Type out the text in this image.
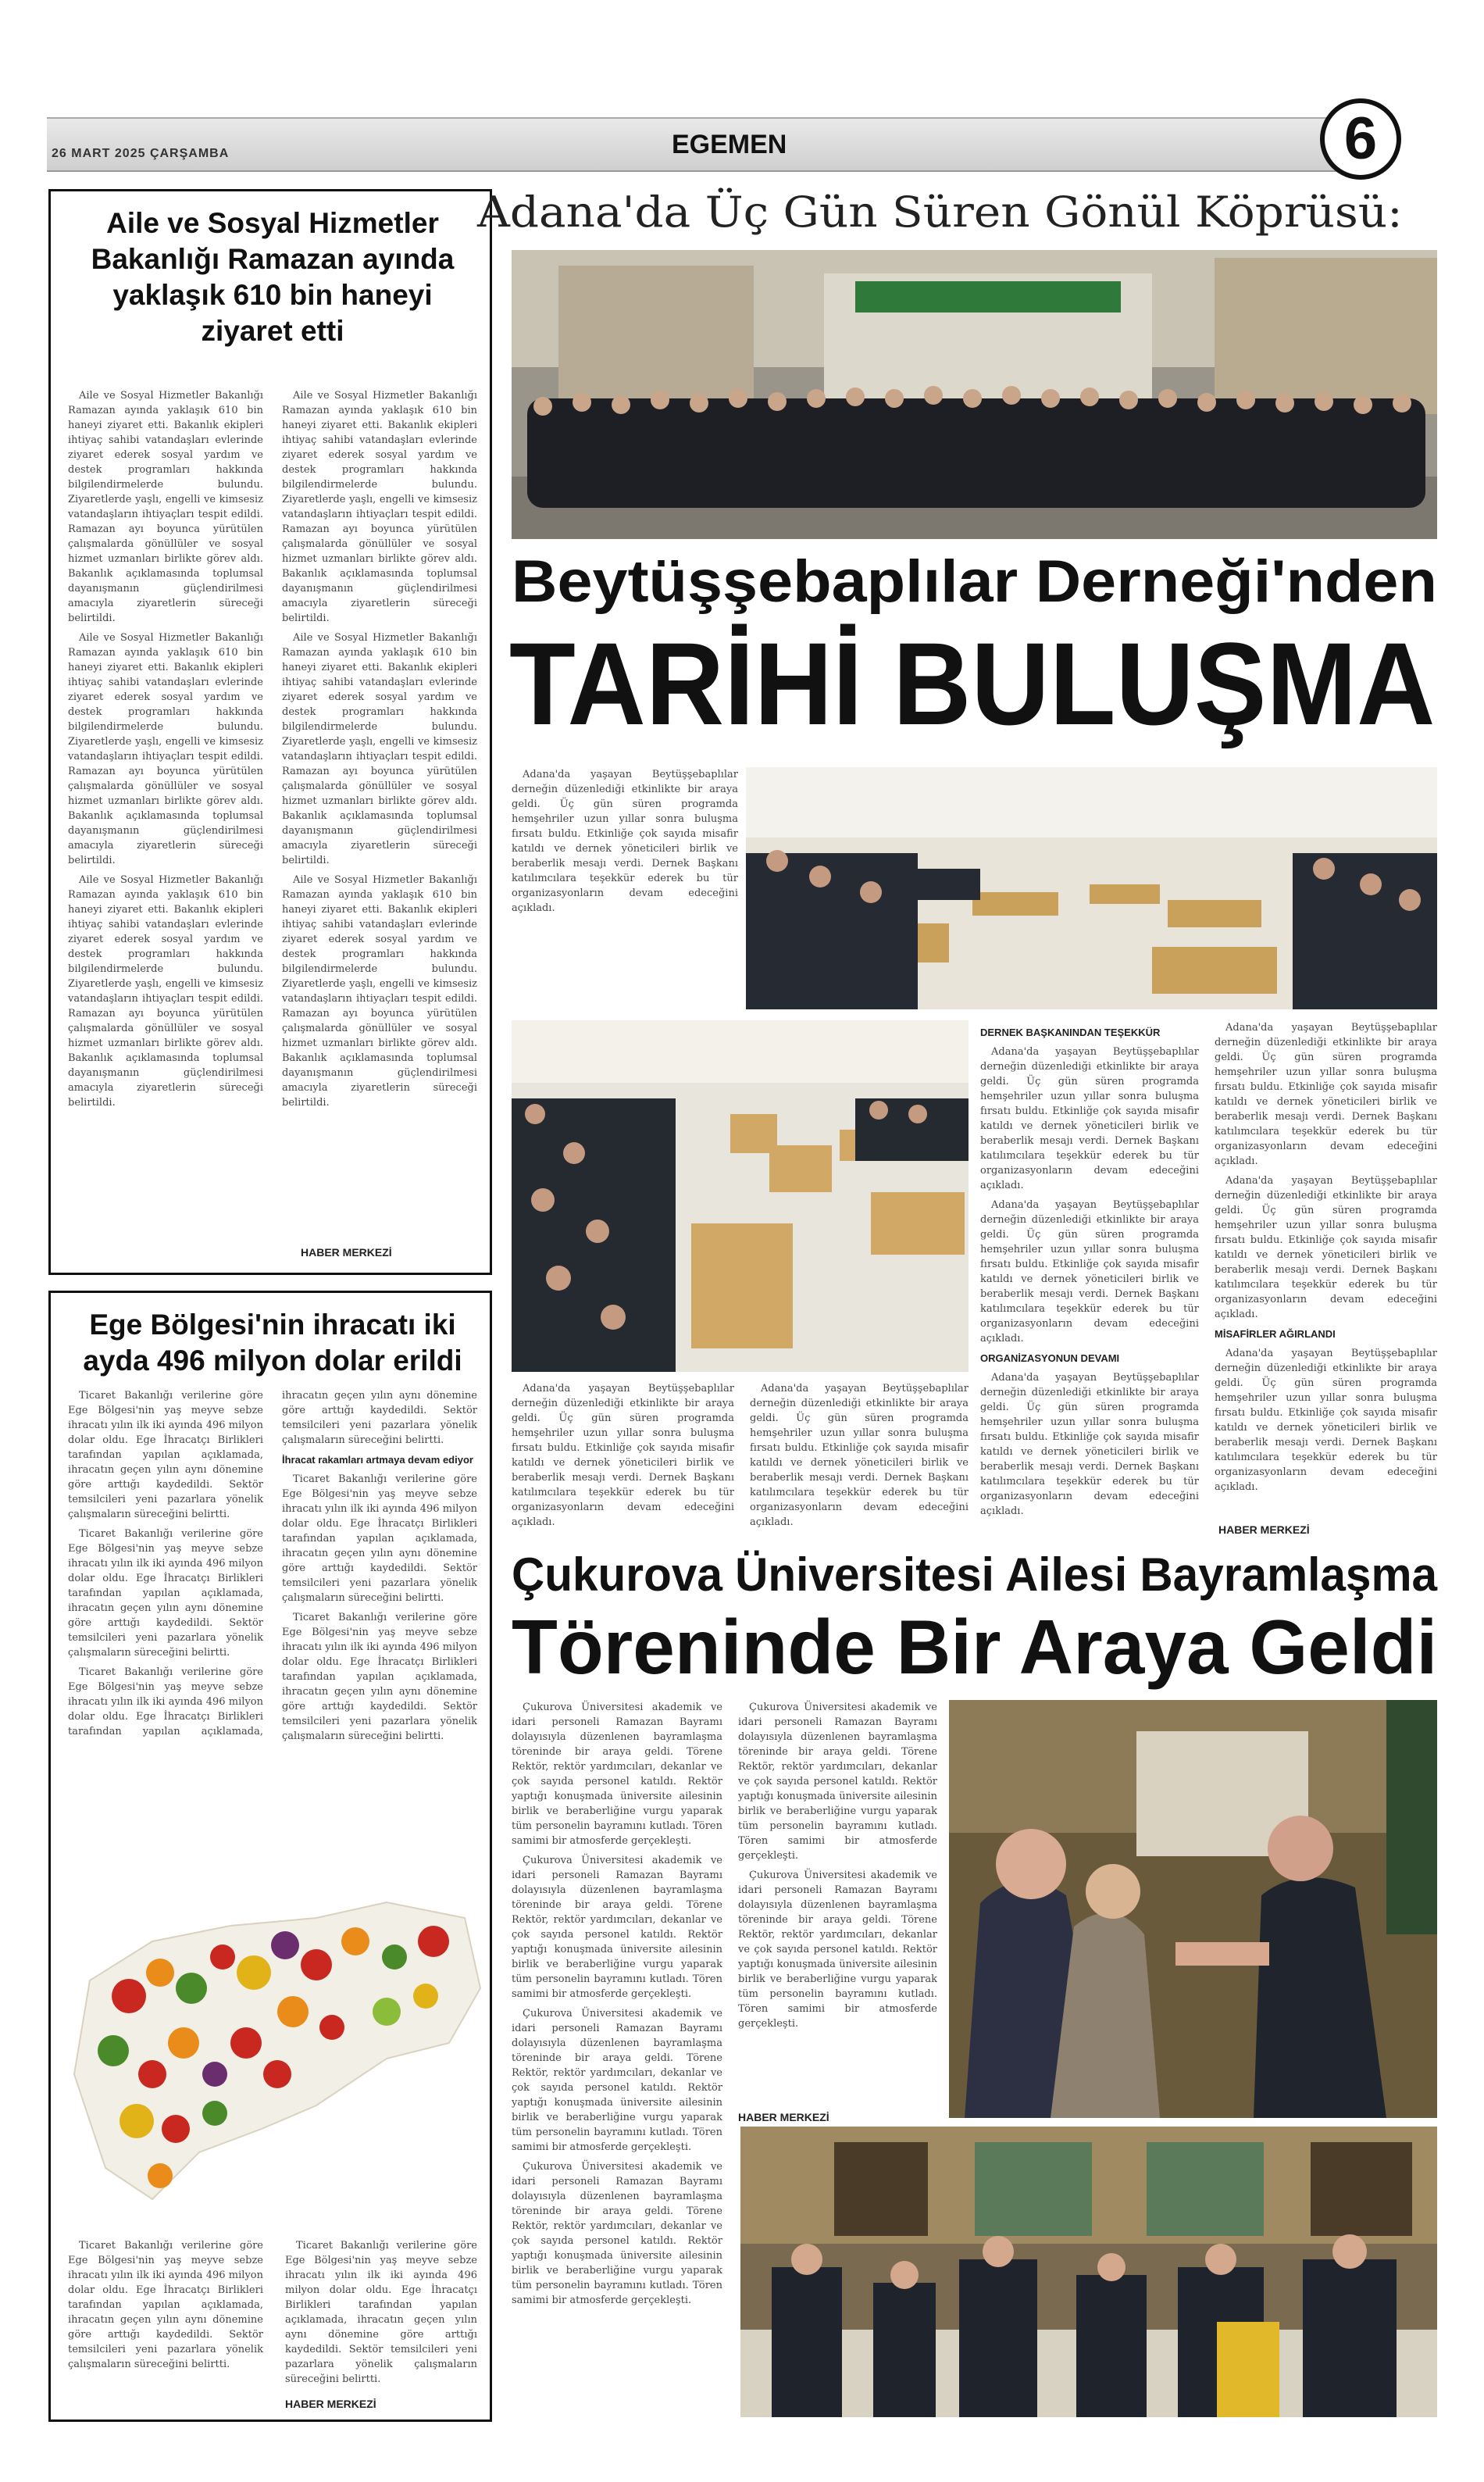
26 MART 2025 ÇARŞAMBA	EGEMEN	6
Aile ve Sosyal Hizmetler Bakanlığı Ramazan ayında yaklaşık 610 bin haneyi ziyaret etti

Aile ve Sosyal Hizmetler Bakanlığı Ramazan ayında yaklaşık 610 bin haneyi ziyaret etti. Bakanlık ekipleri ihtiyaç sahibi vatandaşları evlerinde ziyaret ederek sosyal yardım ve destek programları hakkında bilgilendirmelerde bulundu. Ziyaretlerde yaşlı, engelli ve kimsesiz vatandaşların ihtiyaçları tespit edildi. Ramazan ayı boyunca yürütülen çalışmalarda gönüllüler ve sosyal hizmet uzmanları birlikte görev aldı. Bakanlık açıklamasında toplumsal dayanışmanın güçlendirilmesi amacıyla ziyaretlerin süreceği belirtildi.

Aile ve Sosyal Hizmetler Bakanlığı Ramazan ayında yaklaşık 610 bin haneyi ziyaret etti. Bakanlık ekipleri ihtiyaç sahibi vatandaşları evlerinde ziyaret ederek sosyal yardım ve destek programları hakkında bilgilendirmelerde bulundu. Ziyaretlerde yaşlı, engelli ve kimsesiz vatandaşların ihtiyaçları tespit edildi. Ramazan ayı boyunca yürütülen çalışmalarda gönüllüler ve sosyal hizmet uzmanları birlikte görev aldı. Bakanlık açıklamasında toplumsal dayanışmanın güçlendirilmesi amacıyla ziyaretlerin süreceği belirtildi.

Aile ve Sosyal Hizmetler Bakanlığı Ramazan ayında yaklaşık 610 bin haneyi ziyaret etti. Bakanlık ekipleri ihtiyaç sahibi vatandaşları evlerinde ziyaret ederek sosyal yardım ve destek programları hakkında bilgilendirmelerde bulundu. Ziyaretlerde yaşlı, engelli ve kimsesiz vatandaşların ihtiyaçları tespit edildi. Ramazan ayı boyunca yürütülen çalışmalarda gönüllüler ve sosyal hizmet uzmanları birlikte görev aldı. Bakanlık açıklamasında toplumsal dayanışmanın güçlendirilmesi amacıyla ziyaretlerin süreceği belirtildi.

Aile ve Sosyal Hizmetler Bakanlığı Ramazan ayında yaklaşık 610 bin haneyi ziyaret etti. Bakanlık ekipleri ihtiyaç sahibi vatandaşları evlerinde ziyaret ederek sosyal yardım ve destek programları hakkında bilgilendirmelerde bulundu. Ziyaretlerde yaşlı, engelli ve kimsesiz vatandaşların ihtiyaçları tespit edildi. Ramazan ayı boyunca yürütülen çalışmalarda gönüllüler ve sosyal hizmet uzmanları birlikte görev aldı. Bakanlık açıklamasında toplumsal dayanışmanın güçlendirilmesi amacıyla ziyaretlerin süreceği belirtildi.

Aile ve Sosyal Hizmetler Bakanlığı Ramazan ayında yaklaşık 610 bin haneyi ziyaret etti. Bakanlık ekipleri ihtiyaç sahibi vatandaşları evlerinde ziyaret ederek sosyal yardım ve destek programları hakkında bilgilendirmelerde bulundu. Ziyaretlerde yaşlı, engelli ve kimsesiz vatandaşların ihtiyaçları tespit edildi. Ramazan ayı boyunca yürütülen çalışmalarda gönüllüler ve sosyal hizmet uzmanları birlikte görev aldı. Bakanlık açıklamasında toplumsal dayanışmanın güçlendirilmesi amacıyla ziyaretlerin süreceği belirtildi.

Aile ve Sosyal Hizmetler Bakanlığı Ramazan ayında yaklaşık 610 bin haneyi ziyaret etti. Bakanlık ekipleri ihtiyaç sahibi vatandaşları evlerinde ziyaret ederek sosyal yardım ve destek programları hakkında bilgilendirmelerde bulundu. Ziyaretlerde yaşlı, engelli ve kimsesiz vatandaşların ihtiyaçları tespit edildi. Ramazan ayı boyunca yürütülen çalışmalarda gönüllüler ve sosyal hizmet uzmanları birlikte görev aldı. Bakanlık açıklamasında toplumsal dayanışmanın güçlendirilmesi amacıyla ziyaretlerin süreceği belirtildi.

HABER MERKEZİ
Ege Bölgesi'nin ihracatı iki ayda 496 milyon dolar erildi

Ticaret Bakanlığı verilerine göre Ege Bölgesi'nin yaş meyve sebze ihracatı yılın ilk iki ayında 496 milyon dolar oldu. Ege İhracatçı Birlikleri tarafından yapılan açıklamada, ihracatın geçen yılın aynı dönemine göre arttığı kaydedildi. Sektör temsilcileri yeni pazarlara yönelik çalışmaların süreceğini belirtti.

Ticaret Bakanlığı verilerine göre Ege Bölgesi'nin yaş meyve sebze ihracatı yılın ilk iki ayında 496 milyon dolar oldu. Ege İhracatçı Birlikleri tarafından yapılan açıklamada, ihracatın geçen yılın aynı dönemine göre arttığı kaydedildi. Sektör temsilcileri yeni pazarlara yönelik çalışmaların süreceğini belirtti.

Ticaret Bakanlığı verilerine göre Ege Bölgesi'nin yaş meyve sebze ihracatı yılın ilk iki ayında 496 milyon dolar oldu. Ege İhracatçı Birlikleri tarafından yapılan açıklamada, ihracatın geçen yılın aynı dönemine göre arttığı kaydedildi. Sektör temsilcileri yeni pazarlara yönelik çalışmaların süreceğini belirtti.

İhracat rakamları artmaya devam ediyor

Ticaret Bakanlığı verilerine göre Ege Bölgesi'nin yaş meyve sebze ihracatı yılın ilk iki ayında 496 milyon dolar oldu. Ege İhracatçı Birlikleri tarafından yapılan açıklamada, ihracatın geçen yılın aynı dönemine göre arttığı kaydedildi. Sektör temsilcileri yeni pazarlara yönelik çalışmaların süreceğini belirtti.

Ticaret Bakanlığı verilerine göre Ege Bölgesi'nin yaş meyve sebze ihracatı yılın ilk iki ayında 496 milyon dolar oldu. Ege İhracatçı Birlikleri tarafından yapılan açıklamada, ihracatın geçen yılın aynı dönemine göre arttığı kaydedildi. Sektör temsilcileri yeni pazarlara yönelik çalışmaların süreceğini belirtti.

Ticaret Bakanlığı verilerine göre Ege Bölgesi'nin yaş meyve sebze ihracatı yılın ilk iki ayında 496 milyon dolar oldu. Ege İhracatçı Birlikleri tarafından yapılan açıklamada, ihracatın geçen yılın aynı dönemine göre arttığı kaydedildi. Sektör temsilcileri yeni pazarlara yönelik çalışmaların süreceğini belirtti.

Ticaret Bakanlığı verilerine göre Ege Bölgesi'nin yaş meyve sebze ihracatı yılın ilk iki ayında 496 milyon dolar oldu. Ege İhracatçı Birlikleri tarafından yapılan açıklamada, ihracatın geçen yılın aynı dönemine göre arttığı kaydedildi. Sektör temsilcileri yeni pazarlara yönelik çalışmaların süreceğini belirtti.

HABER MERKEZİ
Adana'da Üç Gün Süren Gönül Köprüsü:
Beytüşşebaplılar Derneği'nden
TARİHİ BULUŞMA

Adana'da yaşayan Beytüşşebaplılar derneğin düzenlediği etkinlikte bir araya geldi. Üç gün süren programda hemşehriler uzun yıllar sonra buluşma fırsatı buldu. Etkinliğe çok sayıda misafir katıldı ve dernek yöneticileri birlik ve beraberlik mesajı verdi. Dernek Başkanı katılımcılara teşekkür ederek bu tür organizasyonların devam edeceğini açıkladı.

DERNEK BAŞKANINDAN TEŞEKKÜR

Adana'da yaşayan Beytüşşebaplılar derneğin düzenlediği etkinlikte bir araya geldi. Üç gün süren programda hemşehriler uzun yıllar sonra buluşma fırsatı buldu. Etkinliğe çok sayıda misafir katıldı ve dernek yöneticileri birlik ve beraberlik mesajı verdi. Dernek Başkanı katılımcılara teşekkür ederek bu tür organizasyonların devam edeceğini açıkladı.

Adana'da yaşayan Beytüşşebaplılar derneğin düzenlediği etkinlikte bir araya geldi. Üç gün süren programda hemşehriler uzun yıllar sonra buluşma fırsatı buldu. Etkinliğe çok sayıda misafir katıldı ve dernek yöneticileri birlik ve beraberlik mesajı verdi. Dernek Başkanı katılımcılara teşekkür ederek bu tür organizasyonların devam edeceğini açıkladı.

ORGANİZASYONUN DEVAMI

Adana'da yaşayan Beytüşşebaplılar derneğin düzenlediği etkinlikte bir araya geldi. Üç gün süren programda hemşehriler uzun yıllar sonra buluşma fırsatı buldu. Etkinliğe çok sayıda misafir katıldı ve dernek yöneticileri birlik ve beraberlik mesajı verdi. Dernek Başkanı katılımcılara teşekkür ederek bu tür organizasyonların devam edeceğini açıkladı.

Adana'da yaşayan Beytüşşebaplılar derneğin düzenlediği etkinlikte bir araya geldi. Üç gün süren programda hemşehriler uzun yıllar sonra buluşma fırsatı buldu. Etkinliğe çok sayıda misafir katıldı ve dernek yöneticileri birlik ve beraberlik mesajı verdi. Dernek Başkanı katılımcılara teşekkür ederek bu tür organizasyonların devam edeceğini açıkladı.

Adana'da yaşayan Beytüşşebaplılar derneğin düzenlediği etkinlikte bir araya geldi. Üç gün süren programda hemşehriler uzun yıllar sonra buluşma fırsatı buldu. Etkinliğe çok sayıda misafir katıldı ve dernek yöneticileri birlik ve beraberlik mesajı verdi. Dernek Başkanı katılımcılara teşekkür ederek bu tür organizasyonların devam edeceğini açıkladı.

MİSAFİRLER AĞIRLANDI

Adana'da yaşayan Beytüşşebaplılar derneğin düzenlediği etkinlikte bir araya geldi. Üç gün süren programda hemşehriler uzun yıllar sonra buluşma fırsatı buldu. Etkinliğe çok sayıda misafir katıldı ve dernek yöneticileri birlik ve beraberlik mesajı verdi. Dernek Başkanı katılımcılara teşekkür ederek bu tür organizasyonların devam edeceğini açıkladı.

HABER MERKEZİ

Adana'da yaşayan Beytüşşebaplılar derneğin düzenlediği etkinlikte bir araya geldi. Üç gün süren programda hemşehriler uzun yıllar sonra buluşma fırsatı buldu. Etkinliğe çok sayıda misafir katıldı ve dernek yöneticileri birlik ve beraberlik mesajı verdi. Dernek Başkanı katılımcılara teşekkür ederek bu tür organizasyonların devam edeceğini açıkladı.

Adana'da yaşayan Beytüşşebaplılar derneğin düzenlediği etkinlikte bir araya geldi. Üç gün süren programda hemşehriler uzun yıllar sonra buluşma fırsatı buldu. Etkinliğe çok sayıda misafir katıldı ve dernek yöneticileri birlik ve beraberlik mesajı verdi. Dernek Başkanı katılımcılara teşekkür ederek bu tür organizasyonların devam edeceğini açıkladı.

Çukurova Üniversitesi Ailesi Bayramlaşma
Töreninde Bir Araya Geldi

Çukurova Üniversitesi akademik ve idari personeli Ramazan Bayramı dolayısıyla düzenlenen bayramlaşma töreninde bir araya geldi. Törene Rektör, rektör yardımcıları, dekanlar ve çok sayıda personel katıldı. Rektör yaptığı konuşmada üniversite ailesinin birlik ve beraberliğine vurgu yaparak tüm personelin bayramını kutladı. Tören samimi bir atmosferde gerçekleşti.

Çukurova Üniversitesi akademik ve idari personeli Ramazan Bayramı dolayısıyla düzenlenen bayramlaşma töreninde bir araya geldi. Törene Rektör, rektör yardımcıları, dekanlar ve çok sayıda personel katıldı. Rektör yaptığı konuşmada üniversite ailesinin birlik ve beraberliğine vurgu yaparak tüm personelin bayramını kutladı. Tören samimi bir atmosferde gerçekleşti.

Çukurova Üniversitesi akademik ve idari personeli Ramazan Bayramı dolayısıyla düzenlenen bayramlaşma töreninde bir araya geldi. Törene Rektör, rektör yardımcıları, dekanlar ve çok sayıda personel katıldı. Rektör yaptığı konuşmada üniversite ailesinin birlik ve beraberliğine vurgu yaparak tüm personelin bayramını kutladı. Tören samimi bir atmosferde gerçekleşti.

Çukurova Üniversitesi akademik ve idari personeli Ramazan Bayramı dolayısıyla düzenlenen bayramlaşma töreninde bir araya geldi. Törene Rektör, rektör yardımcıları, dekanlar ve çok sayıda personel katıldı. Rektör yaptığı konuşmada üniversite ailesinin birlik ve beraberliğine vurgu yaparak tüm personelin bayramını kutladı. Tören samimi bir atmosferde gerçekleşti.

Çukurova Üniversitesi akademik ve idari personeli Ramazan Bayramı dolayısıyla düzenlenen bayramlaşma töreninde bir araya geldi. Törene Rektör, rektör yardımcıları, dekanlar ve çok sayıda personel katıldı. Rektör yaptığı konuşmada üniversite ailesinin birlik ve beraberliğine vurgu yaparak tüm personelin bayramını kutladı. Tören samimi bir atmosferde gerçekleşti.

Çukurova Üniversitesi akademik ve idari personeli Ramazan Bayramı dolayısıyla düzenlenen bayramlaşma töreninde bir araya geldi. Törene Rektör, rektör yardımcıları, dekanlar ve çok sayıda personel katıldı. Rektör yaptığı konuşmada üniversite ailesinin birlik ve beraberliğine vurgu yaparak tüm personelin bayramını kutladı. Tören samimi bir atmosferde gerçekleşti.

HABER MERKEZİ
